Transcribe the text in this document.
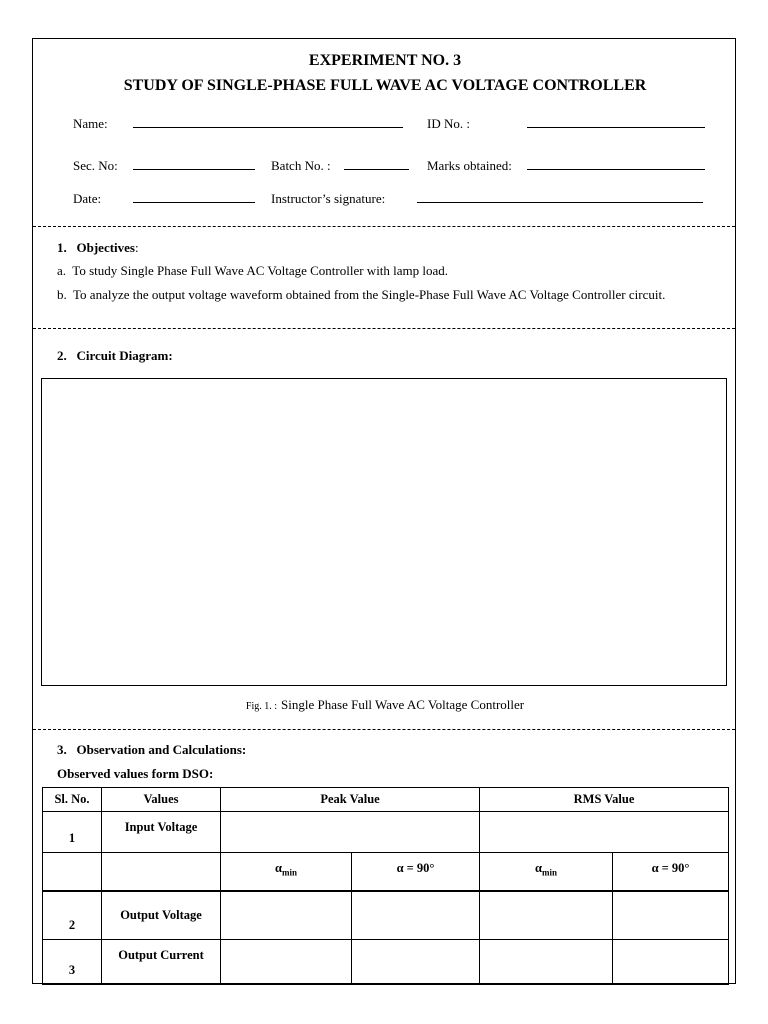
EXPERIMENT NO. 3
STUDY OF SINGLE-PHASE FULL WAVE AC VOLTAGE CONTROLLER
Name:	ID No. :
Sec. No:	Batch No. :	Marks obtained:
Date:	Instructor’s signature:
1. Objectives:
a. To study Single Phase Full Wave AC Voltage Controller with lamp load.
b. To analyze the output voltage waveform obtained from the Single-Phase Full Wave AC Voltage Controller circuit.
2. Circuit Diagram:
Fig. 1. : Single Phase Full Wave AC Voltage Controller
3. Observation and Calculations:
Observed values form DSO:
Sl. No.	Values	Peak Value		RMS Value	
1	Input Voltage				
		$\alpha_{min}$	α = 90°	$\alpha_{min}$	α = 90°
2	Output Voltage				
3	Output Current				
